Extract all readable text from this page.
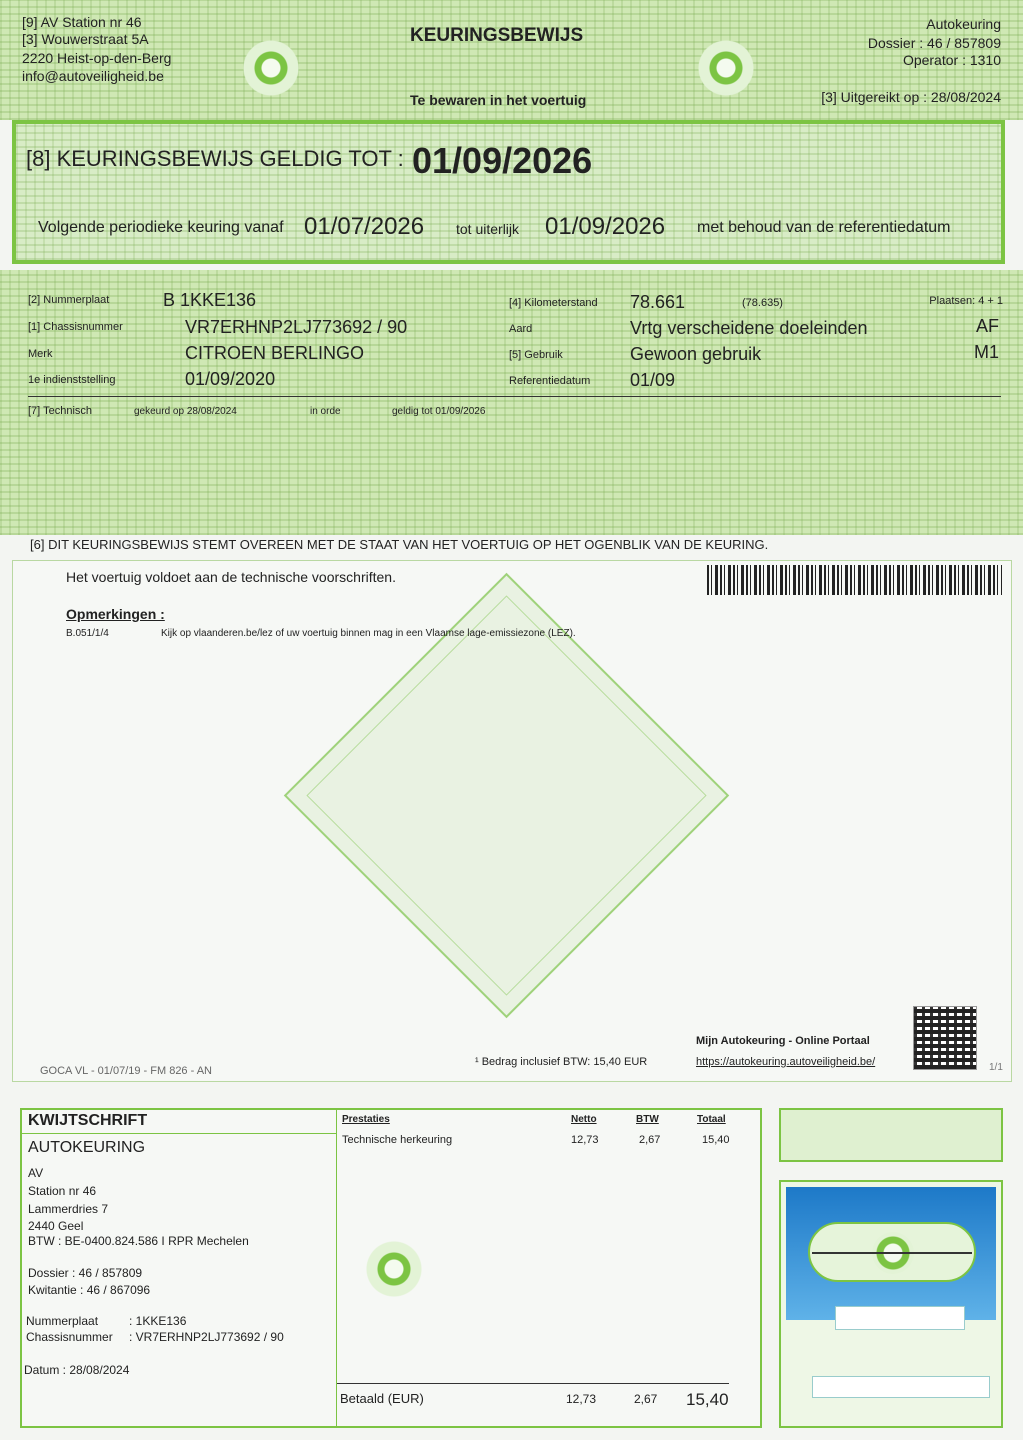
[9] AV Station nr 46
[3] Wouwerstraat 5A
2220 Heist-op-den-Berg
info@autoveiligheid.be
KEURINGSBEWIJS
Te bewaren in het voertuig
Autokeuring
Dossier : 46 / 857809
Operator : 1310
[3] Uitgereikt op : 28/08/2024
[8] KEURINGSBEWIJS GELDIG TOT : 01/09/2026
Volgende periodieke keuring vanaf 01/07/2026 tot uiterlijk 01/09/2026 met behoud van de referentiedatum
[2] Nummerplaat	B 1KKE136
[1] Chassisnummer	VR7ERHNP2LJ773692 / 90
Merk	CITROEN BERLINGO
1e indienststelling	01/09/2020
[4] Kilometerstand 78.661	(78.635)	Plaatsen: 4 + 1
Aard	Vrtg verscheidene doeleinden	AF
[5] Gebruik	Gewoon gebruik	M1
Referentiedatum 01/09
[7] Technisch	gekeurd op 28/08/2024	in orde	geldig tot 01/09/2026
[6] DIT KEURINGSBEWIJS STEMT OVEREEN MET DE STAAT VAN HET VOERTUIG OP HET OGENBLIK VAN DE KEURING.
Het voertuig voldoet aan de technische voorschriften.
Opmerkingen :
B.051/1/4	Kijk op vlaanderen.be/lez of uw voertuig binnen mag in een Vlaamse lage-emissiezone (LEZ).
Mijn Autokeuring - Online Portaal
https://autokeuring.autoveiligheid.be/	1/1
¹ Bedrag inclusief BTW: 15,40 EUR
GOCA VL - 01/07/19 - FM 826 - AN
KWIJTSCHRIFT
AUTOKEURING
AV
Station nr 46
Lammerdries 7
2440 Geel
BTW : BE-0400.824.586 I RPR Mechelen
Dossier : 46 / 857809
Kwitantie : 46 / 867096
Nummerplaat	: 1KKE136
Chassisnummer : VR7ERHNP2LJ773692 / 90
Datum : 28/08/2024
Prestaties	Netto	BTW	Totaal
Technische herkeuring	12,73	2,67	15,40
Betaald (EUR)	12,73	2,67 15,40
